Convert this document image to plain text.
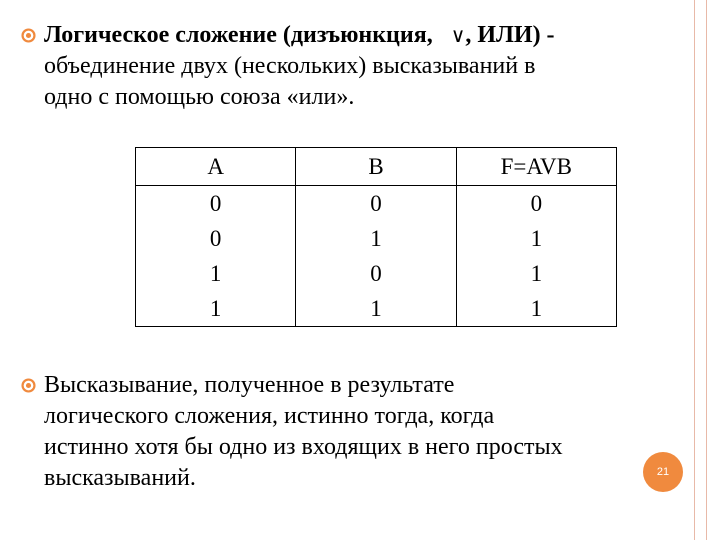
Логическое сложение (дизъюнкция, ∨, ИЛИ) -
объединение двух (нескольких) высказываний в
одно с помощью союза «или».
A	B	F=AVB
0	0	0
0	1	1
1	0	1
1	1	1
Высказывание, полученное в результате
логического сложения, истинно тогда, когда
истинно хотя бы одно из входящих в него простых
высказываний.	21
